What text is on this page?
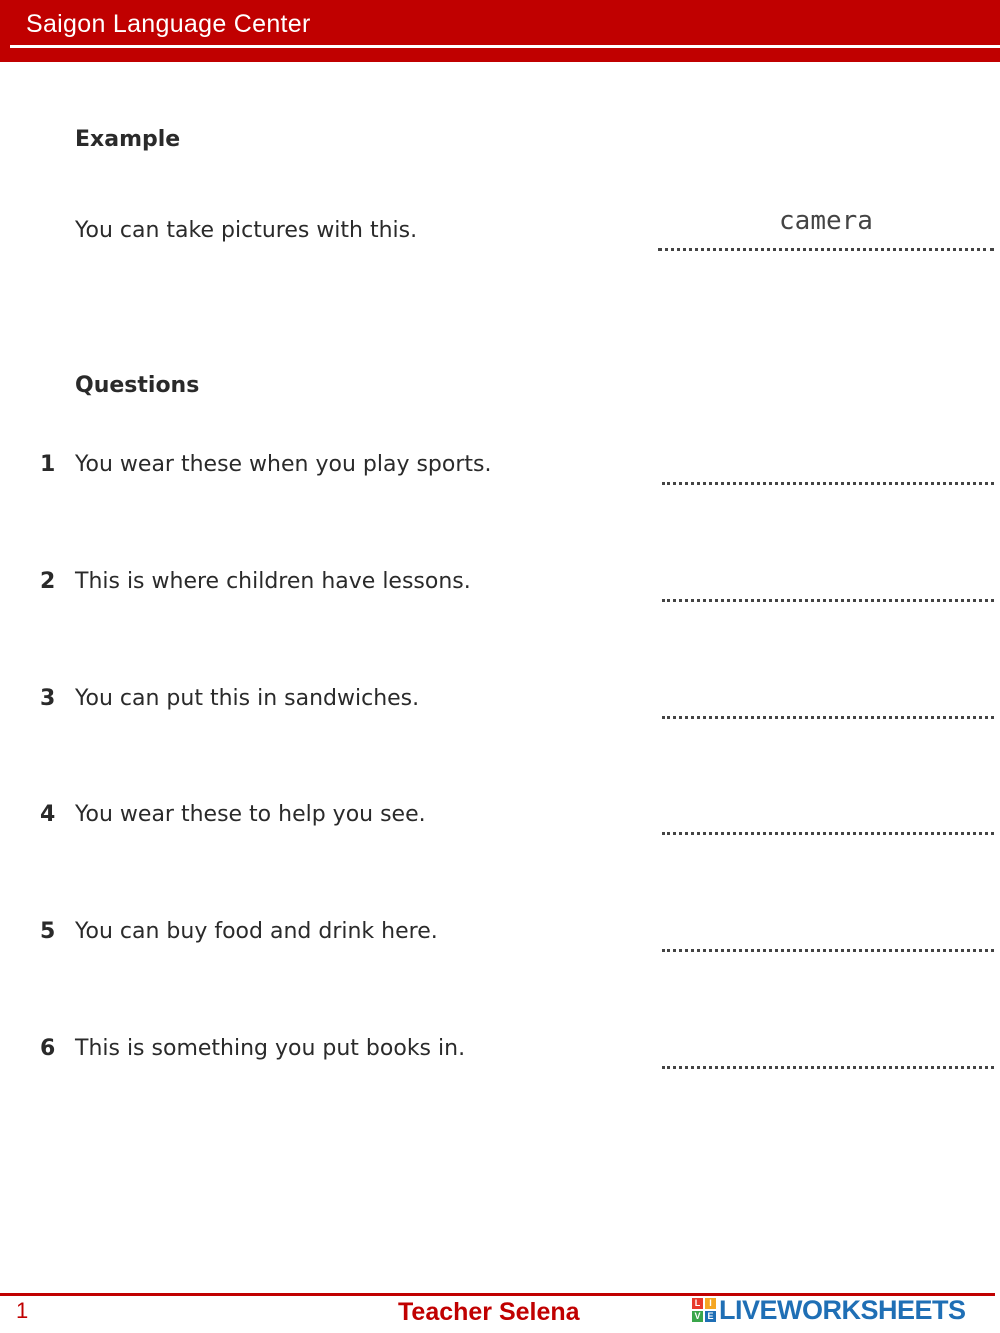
Saigon Language Center
Example
You can take pictures with this.	camera
Questions
1 You wear these when you play sports.
2 This is where children have lessons.
3 You can put this in sandwiches.
4 You wear these to help you see.
5 You can buy food and drink here.
6 This is something you put books in.
1	Teacher Selena	L I
V E LIVEWORKSHEETS
